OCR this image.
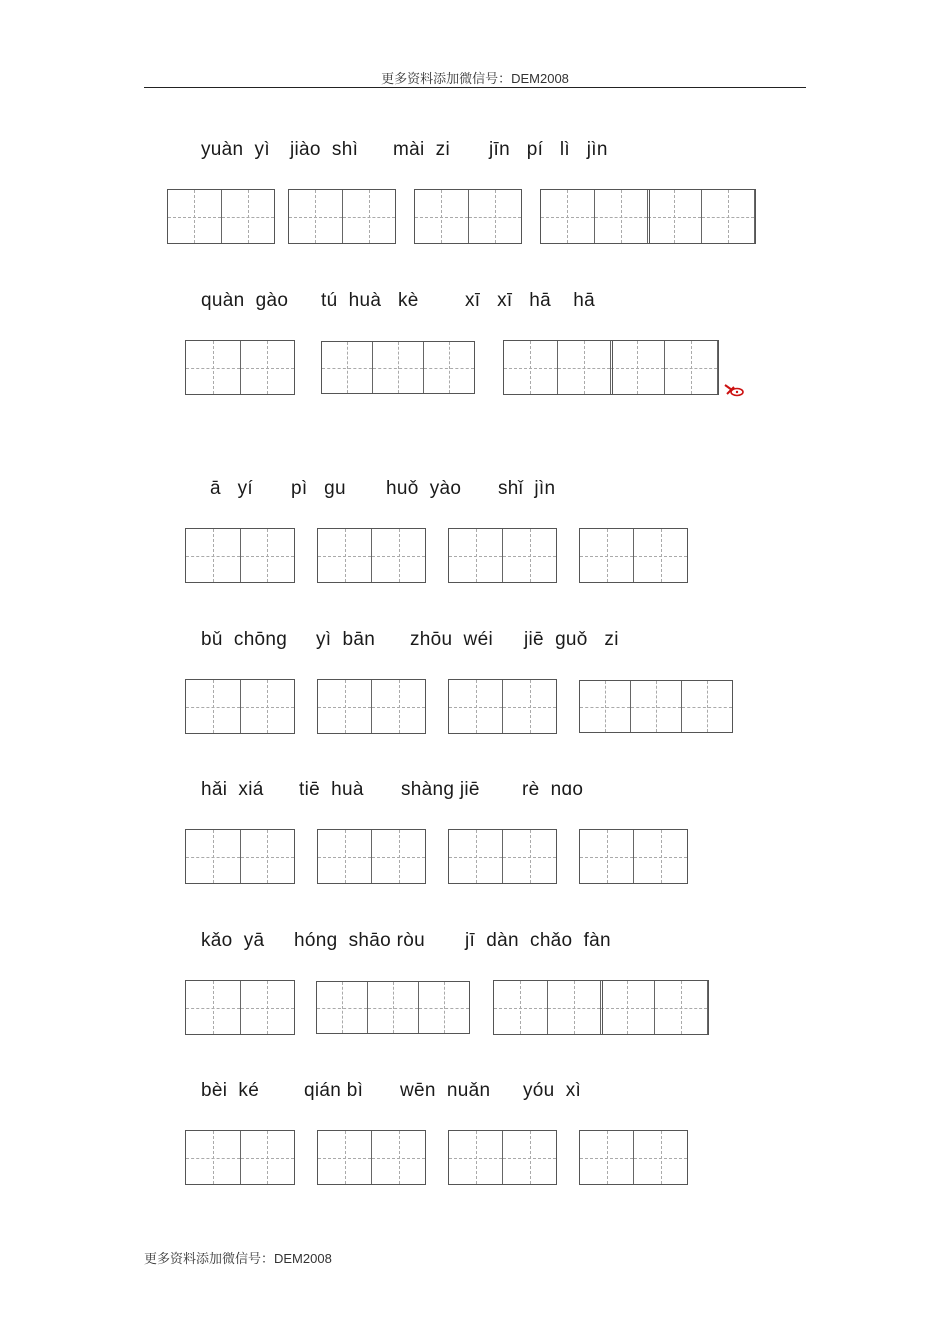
更多资料添加微信号：DEM2008
yuàn  yì jiào  shì mài  zi jīn   pí   lì   jìn
quàn  gào tú  huà   kè xī   xī   hā    hā
ā   yí pì   gu huǒ  yào shǐ  jìn
bǔ  chōng yì  bān zhōu  wéi jiē  guǒ   zi
hǎi  xiá tiē  huà shàng jiē rè  nɑo
kǎo  yā hóng  shāo ròu jī  dàn  chǎo  fàn
bèi  ké qián bì wēn  nuǎn yóu  xì
更多资料添加微信号：DEM2008
